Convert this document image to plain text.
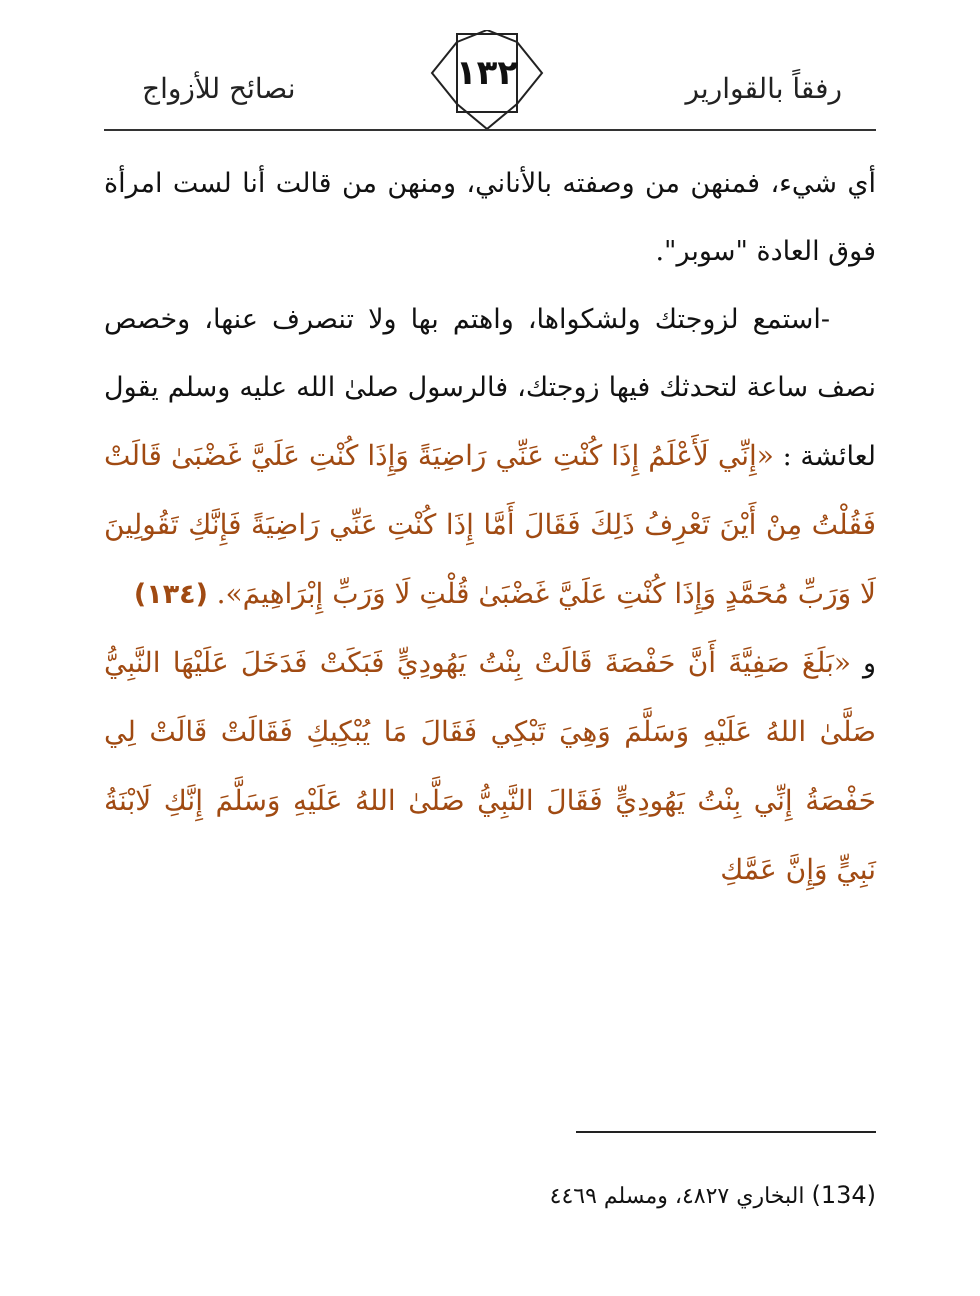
رفقاً بالقوارير
١٣٢
نصائح للأزواج

أي شيء، فمنهن من وصفته بالأناني، ومنهن من قالت أنا لست امرأة فوق العادة "سوبر".

-استمع لزوجتك ولشكواها، واهتم بها ولا تنصرف عنها، وخصص نصف ساعة لتحدثك فيها زوجتك، فالرسول صلىٰ الله عليه وسلم يقول لعائشة : «إِنِّي لَأَعْلَمُ إِذَا كُنْتِ عَنِّي رَاضِيَةً وَإِذَا كُنْتِ عَلَيَّ غَضْبَىٰ قَالَتْ فَقُلْتُ مِنْ أَيْنَ تَعْرِفُ ذَلِكَ فَقَالَ أَمَّا إِذَا كُنْتِ عَنِّي رَاضِيَةً فَإِنَّكِ تَقُولِينَ لَا وَرَبِّ مُحَمَّدٍ وَإِذَا كُنْتِ عَلَيَّ غَضْبَىٰ قُلْتِ لَا وَرَبِّ إِبْرَاهِيمَ». (١٣٤)

و «بَلَغَ صَفِيَّةَ أَنَّ حَفْصَةَ قَالَتْ بِنْتُ يَهُودِيٍّ فَبَكَتْ فَدَخَلَ عَلَيْهَا النَّبِيُّ صَلَّىٰ اللهُ عَلَيْهِ وَسَلَّمَ وَهِيَ تَبْكِي فَقَالَ مَا يُبْكِيكِ فَقَالَتْ قَالَتْ لِي حَفْصَةُ إِنِّي بِنْتُ يَهُودِيٍّ فَقَالَ النَّبِيُّ صَلَّىٰ اللهُ عَلَيْهِ وَسَلَّمَ إِنَّكِ لَابْنَةُ نَبِيٍّ وَإِنَّ عَمَّكِ

(134) البخاري ٤٨٢٧، ومسلم ٤٤٦٩
